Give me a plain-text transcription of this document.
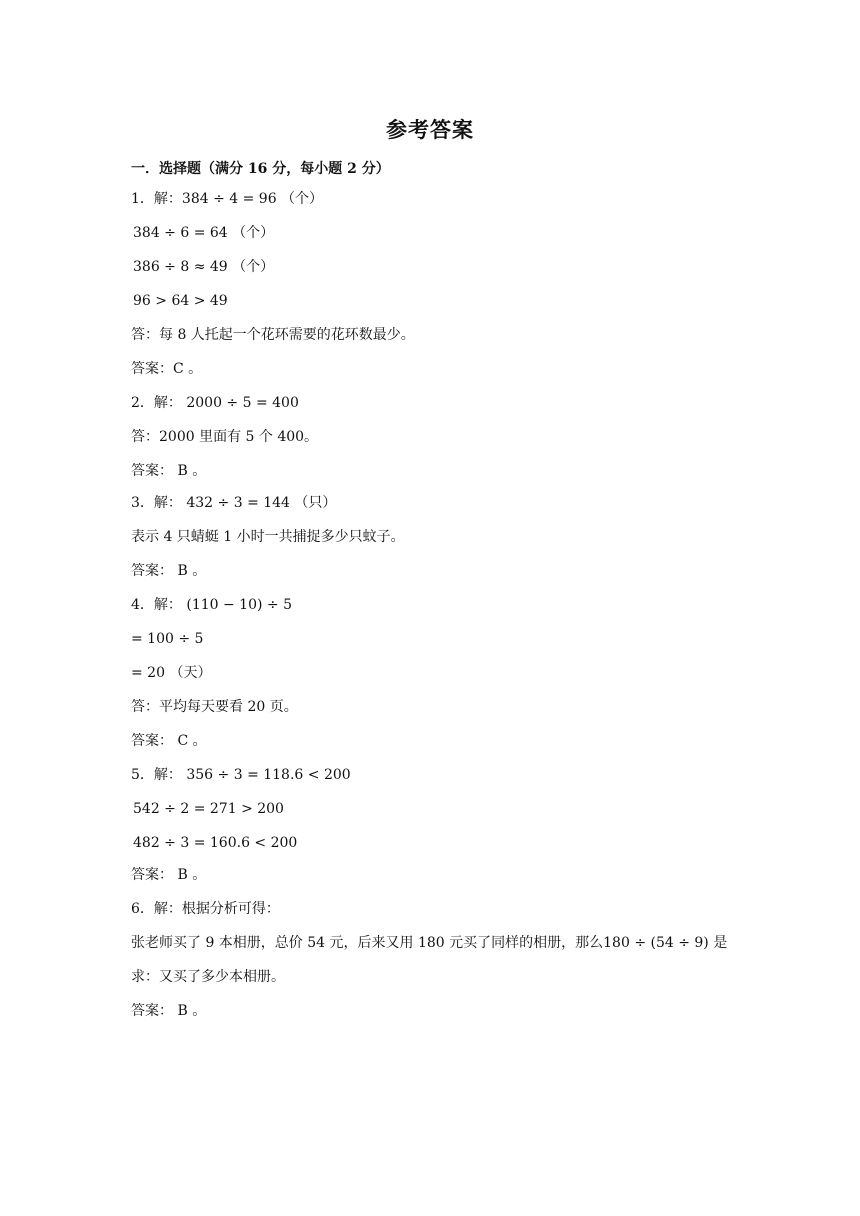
参考答案
一．选择题（满分 16 分，每小题 2 分）
1．解：384 ÷ 4 = 96 （个）
384 ÷ 6 = 64 （个）
386 ÷ 8 ≈ 49 （个）
96 > 64 > 49
答：每 8 人托起一个花环需要的花环数最少。
答案：C 。
2．解： 2000 ÷ 5 = 400
答：2000 里面有 5 个 400。
答案： B 。
3．解： 432 ÷ 3 = 144 （只）
表示 4 只蜻蜓 1 小时一共捕捉多少只蚊子。
答案： B 。
4．解： (110 − 10) ÷ 5
= 100 ÷ 5
= 20 （天）
答：平均每天要看 20 页。
答案： C 。
5．解： 356 ÷ 3 = 118.6 < 200
542 ÷ 2 = 271 > 200
482 ÷ 3 = 160.6 < 200
答案： B 。
6．解：根据分析可得：
张老师买了 9 本相册，总价 54 元，后来又用 180 元买了同样的相册，那么180 ÷ (54 ÷ 9) 是
求：又买了多少本相册。
答案： B 。
